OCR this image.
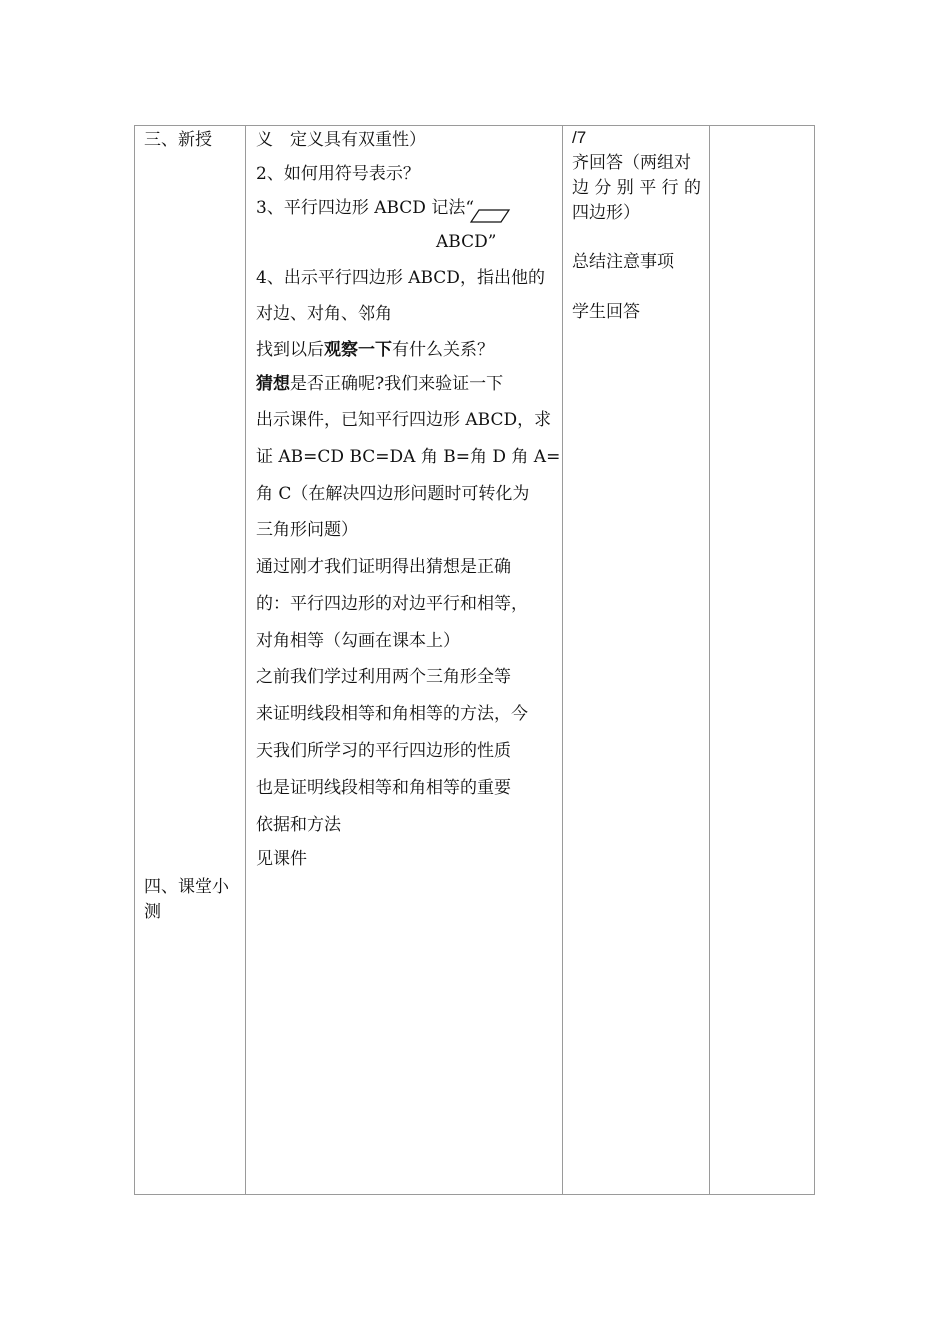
三、新授
四、课堂小
测
义　定义具有双重性）
2、如何用符号表示？
3、平行四边形 ABCD 记法“
ABCD”
4、出示平行四边形 ABCD，指出他的
对边、对角、邻角
找到以后观察一下有什么关系？
猜想是否正确呢?我们来验证一下
出示课件，已知平行四边形 ABCD，求
证 AB=CD BC=DA 角 B=角 D 角 A=
角 C（在解决四边形问题时可转化为
三角形问题）
通过刚才我们证明得出猜想是正确
的：平行四边形的对边平行和相等，
对角相等（勾画在课本上）
之前我们学过利用两个三角形全等
来证明线段相等和角相等的方法，今
天我们所学习的平行四边形的性质
也是证明线段相等和角相等的重要
依据和方法
见课件
/7
齐回答（两组对
边 分 别 平 行 的
四边形）
总结注意事项
学生回答
